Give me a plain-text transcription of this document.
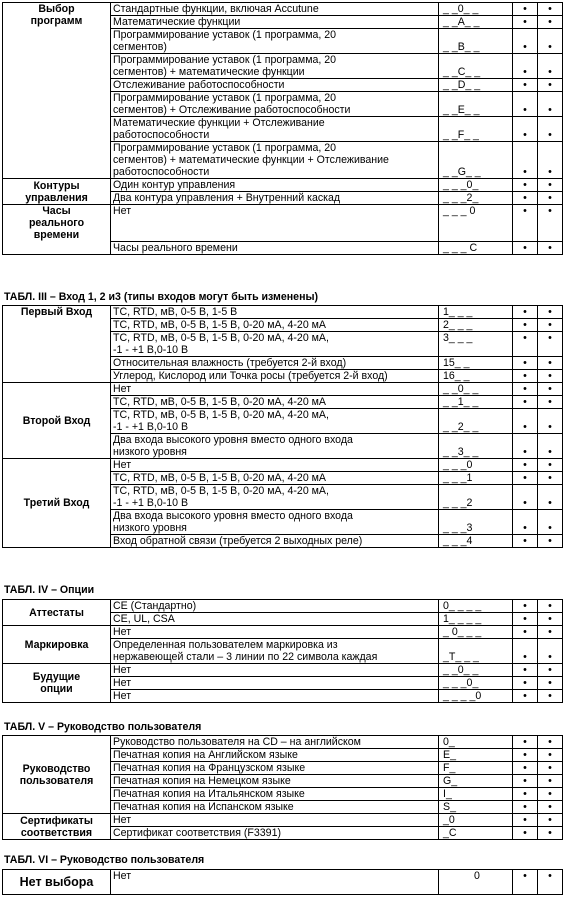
Выбор
программ	Стандартные функции, включая Accutune	_ _0_ _	•	•

	Математические функции	_ _A_ _	•	•

	Программирование уставок (1 программа, 20
сегментов)	_ _B_ _	•	•

	Программирование уставок (1 программа, 20
сегментов) + математические функции	_ _C_ _	•	•

	Отслеживание работоспособности	_ _D_ _	•	•

	Программирование уставок (1 программа, 20
сегментов) + Отслеживание работоспособности	_ _E_ _	•	•

	Математические функции + Отслеживание
работоспособности	_ _F_ _	•	•

	Программирование уставок (1 программа, 20
сегментов) + математические функции + Отслеживание
работоспособности	_ _G_ _	•	•

Контуры
управления	Один контур управления	_ _ _0_	•	•

	Два контура управления + Внутренний каскад	_ _ _2_	•	•

Часы
реального
времени	Нет	_ _ _ 0	•	•

	Часы реального времени	_ _ _ C	•	•
Первый Вход	TC, RTD, мВ, 0-5 В, 1-5 В	1_ _ _	•	•

	TC, RTD, мВ, 0-5 В, 1-5 В, 0-20 мА, 4-20 мА	2_ _ _	•	•

	TC, RTD, мВ, 0-5 В, 1-5 В, 0-20 мА, 4-20 мА,
-1 - +1 В,0-10 В	3_ _ _	•	•

	Относительная влажность (требуется 2-й вход)	15_ _	•	•

	Углерод, Кислород или Точка росы (требуется 2-й вход)	16_ _	•	•

Второй Вход	Нет	_ _0_ _	•	•

	TC, RTD, мВ, 0-5 В, 1-5 В, 0-20 мА, 4-20 мА	_ _1_ _	•	•

	TC, RTD, мВ, 0-5 В, 1-5 В, 0-20 мА, 4-20 мА,
-1 - +1 В,0-10 В	_ _2_ _	•	•

	Два входа высокого уровня вместо одного входа
низкого уровня	_ _3_ _	•	•

Третий Вход	Нет	_ _ _0	•	•

	TC, RTD, мВ, 0-5 В, 1-5 В, 0-20 мА, 4-20 мА	_ _ _1	•	•

	TC, RTD, мВ, 0-5 В, 1-5 В, 0-20 мА, 4-20 мА,
-1 - +1 В,0-10 В	_ _ _2	•	•

	Два входа высокого уровня вместо одного входа
низкого уровня	_ _ _3	•	•

	Вход обратной связи (требуется 2 выходных реле)	_ _ _4	•	•
Аттестаты	CE (Стандартно)	0_ _ _ _	•	•

	CE, UL, CSA	1_ _ _ _	•	•

Маркировка	Нет	_ 0_ _ _	•	•

	Определенная пользователем маркировка из
нержавеющей стали – 3 линии по 22 символа каждая	_T_ _ _	•	•

Будущие
опции	Нет	_ _0_ _	•	•

	Нет	_ _ _0_	•	•

	Нет	_ _ _ _0	•	•
Руководство
пользователя	Руководство пользователя на CD – на английском	0_	•	•

	Печатная копия на Английском языке	E_	•	•

	Печатная копия на Французском языке	F_	•	•

	Печатная копия на Немецком языке	G_	•	•

	Печатная копия на Итальянском языке	I_	•	•

	Печатная копия на Испанском языке	S_	•	•

Сертификаты
соответствия	Нет	_0	•	•

	Сертификат соответствия (F3391)	_C	•	•
Нет выбора	Нет	0	•	•
ТАБЛ. III – Вход 1, 2 и3 (типы входов могут быть изменены)
ТАБЛ. IV – Опции
ТАБЛ. V – Руководство пользователя
ТАБЛ. VI – Руководство пользователя
